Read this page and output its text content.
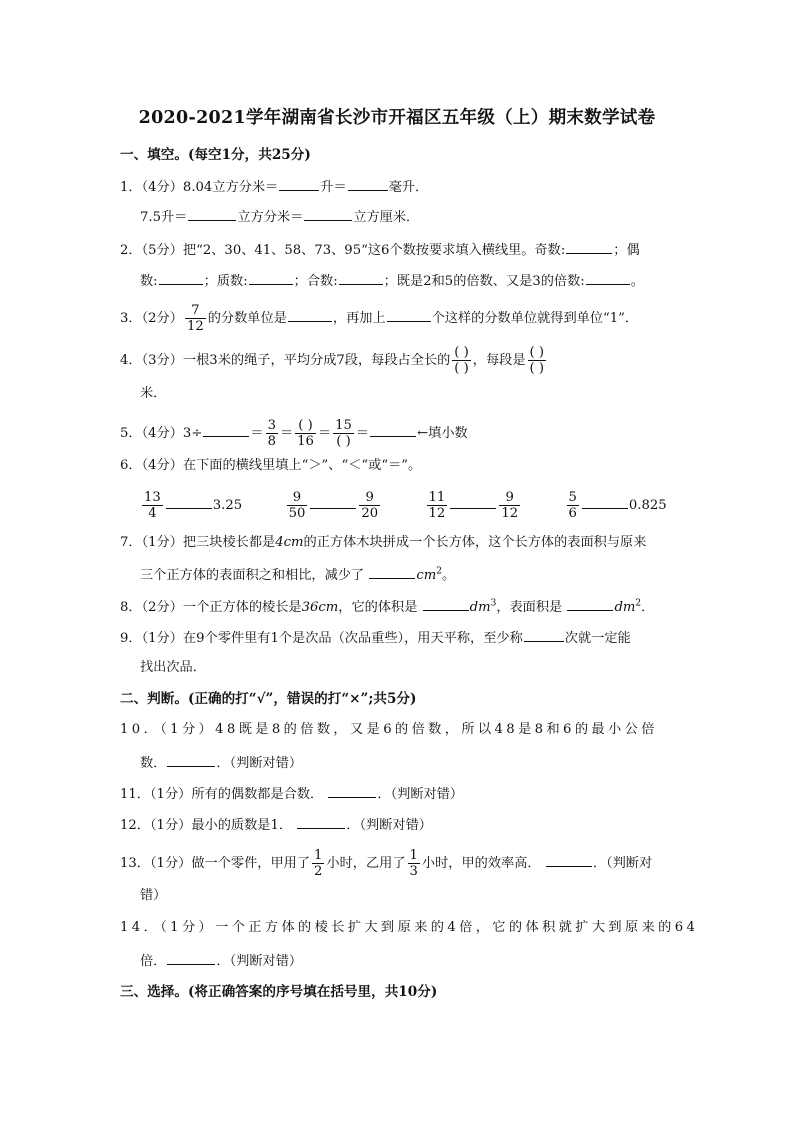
2020-2021学年湖南省长沙市开福区五年级（上）期末数学试卷
一、填空。(每空1分，共25分)
1．（4分）8.04立方分米＝	升＝	毫升．
7.5升＝	立方分米＝	立方厘米．
2．（5分）把“2、30、41、58、73、95“这6个数按要求填入横线里。奇数:	；偶
数:	；质数:	；合数:	；既是2和5的倍数、又是3的倍数:	。
3．（2分） $\frac{7}{12}$ 的分数单位是	，再加上	个这样的分数单位就得到单位“1”．
4．（3分）一根3米的绳子，平均分成7段，每段占全长的 $\frac{( )}{( )}$ ，每段是 $\frac{( )}{( )}$
米．
5．（4分）3÷	＝ $\frac{3}{8} = \frac{( )}{16} = \frac{15}{( )}$ ＝	←填小数
6．（4分）在下面的横线里填上“＞”、“＜“或“＝”。
$\frac{13}{4}$	3.25	$\frac{9}{50}$	$\frac{9}{20}$
	$\frac{11}{12}$	$\frac{9}{12}$
	$\frac{5}{6}$	0.825
7．（1分）把三块棱长都是4cm的正方体木块拼成一个长方体，这个长方体的表面积与原来
三个正方体的表面积之和相比，减少了	$cm^2$。
8．（2分）一个正方体的棱长是36cm，它的体积是	$dm^3$，表面积是	$dm^2$．
9．（1分）在9个零件里有1个是次品（次品重些），用天平称，至少称	次就一定能
找出次品．
二、判断。(正确的打“√”，错误的打“×”;共5分)
10．（1分）48既是8的倍数，又是6的倍数，所以48是8和6的最小公倍
数．	．（判断对错）
11．（1分）所有的偶数都是合数．	．（判断对错）
12．（1分）最小的质数是1．	．（判断对错）
13．（1分）做一个零件，甲用了 $\frac{1}{2}$ 小时，乙用了 $\frac{1}{3}$ 小时，甲的效率高．	．（判断对
错）
14．（1分）一个正方体的棱长扩大到原来的4倍，它的体积就扩大到原来的64
倍．	．（判断对错）
三、选择。(将正确答案的序号填在括号里，共10分)
